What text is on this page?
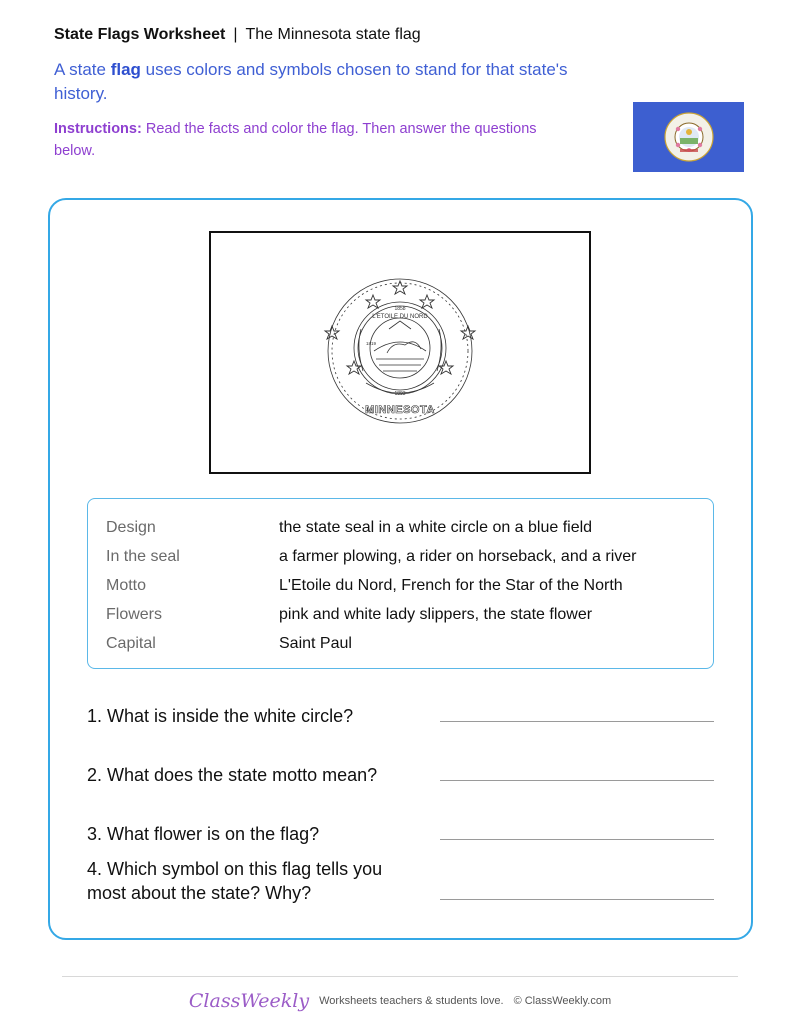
State Flags Worksheet | The Minnesota state flag
A state flag uses colors and symbols chosen to stand for that state's history.
Instructions: Read the facts and color the flag. Then answer the questions below.
L'ETOILE DU NORD
1858
1893
1819
MINNESOTA
Design	the state seal in a white circle on a blue field
In the seal	a farmer plowing, a rider on horseback, and a river
Motto	L'Etoile du Nord, French for the Star of the North
Flowers	pink and white lady slippers, the state flower
Capital	Saint Paul
1. What is inside the white circle?
2. What does the state motto mean?
3. What flower is on the flag?
4. Which symbol on this flag tells you
most about the state? Why?
ClassWeekly Worksheets teachers & students love. © ClassWeekly.com
